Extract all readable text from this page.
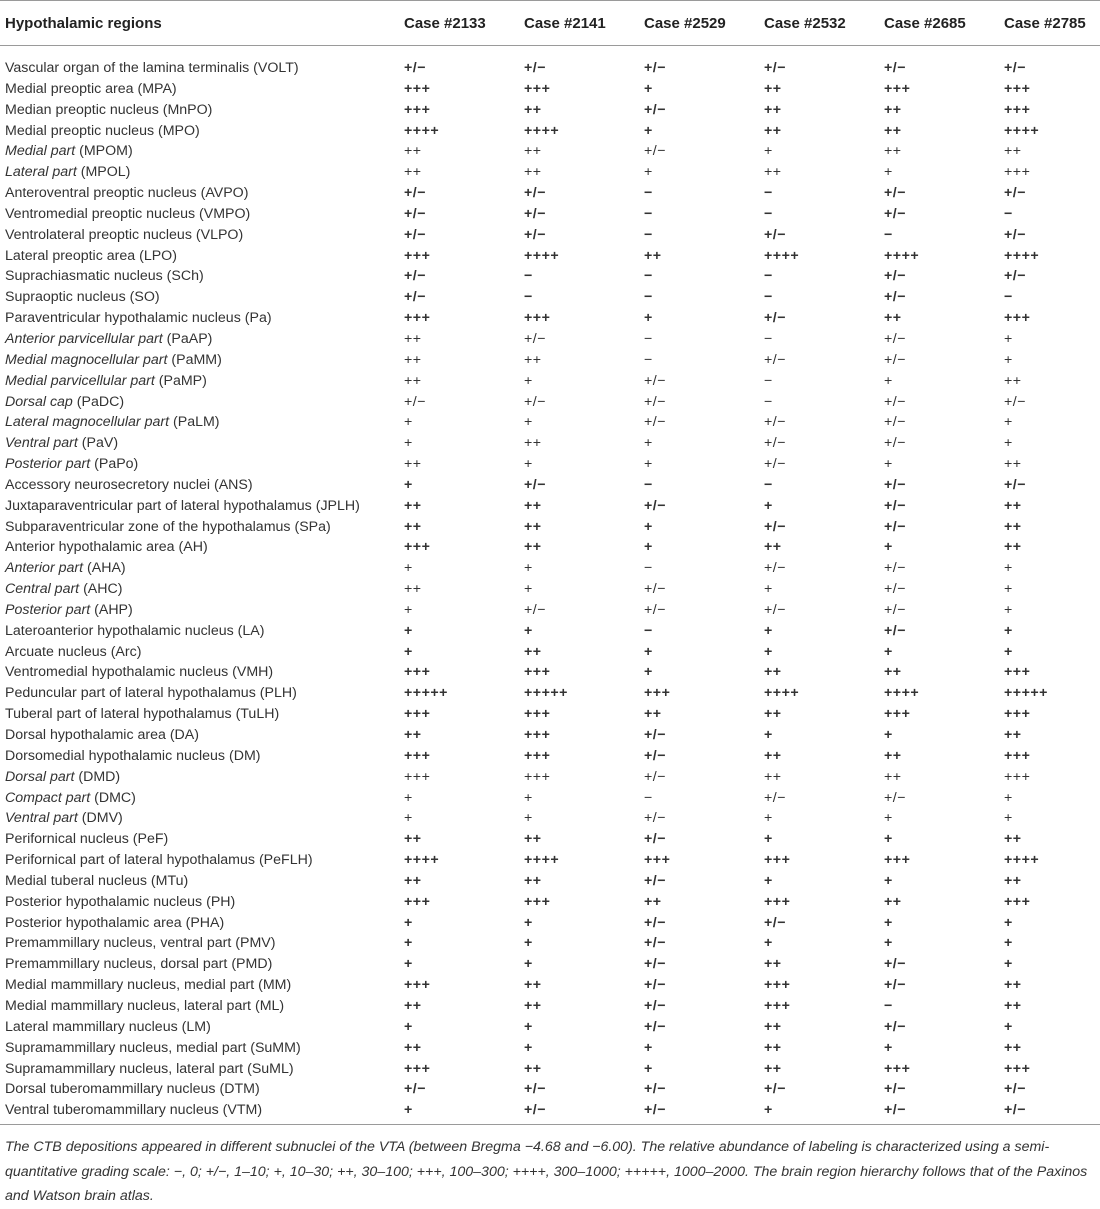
Hypothalamic regions	Case #2133	Case #2141	Case #2529	Case #2532	Case #2685	Case #2785
Vascular organ of the lamina terminalis (VOLT)	+/−	+/−	+/−	+/−	+/−	+/−
Medial preoptic area (MPA)	+++	+++	+	++	+++	+++
Median preoptic nucleus (MnPO)	+++	++	+/−	++	++	+++
Medial preoptic nucleus (MPO)	++++	++++	+	++	++	++++
Medial part (MPOM)	++	++	+/−	+	++	++
Lateral part (MPOL)	++	++	+	++	+	+++
Anteroventral preoptic nucleus (AVPO)	+/−	+/−	−	−	+/−	+/−
Ventromedial preoptic nucleus (VMPO)	+/−	+/−	−	−	+/−	−
Ventrolateral preoptic nucleus (VLPO)	+/−	+/−	−	+/−	−	+/−
Lateral preoptic area (LPO)	+++	++++	++	++++	++++	++++
Suprachiasmatic nucleus (SCh)	+/−	−	−	−	+/−	+/−
Supraoptic nucleus (SO)	+/−	−	−	−	+/−	−
Paraventricular hypothalamic nucleus (Pa)	+++	+++	+	+/−	++	+++
Anterior parvicellular part (PaAP)	++	+/−	−	−	+/−	+
Medial magnocellular part (PaMM)	++	++	−	+/−	+/−	+
Medial parvicellular part (PaMP)	++	+	+/−	−	+	++
Dorsal cap (PaDC)	+/−	+/−	+/−	−	+/−	+/−
Lateral magnocellular part (PaLM)	+	+	+/−	+/−	+/−	+
Ventral part (PaV)	+	++	+	+/−	+/−	+
Posterior part (PaPo)	++	+	+	+/−	+	++
Accessory neurosecretory nuclei (ANS)	+	+/−	−	−	+/−	+/−
Juxtaparaventricular part of lateral hypothalamus (JPLH)	++	++	+/−	+	+/−	++
Subparaventricular zone of the hypothalamus (SPa)	++	++	+	+/−	+/−	++
Anterior hypothalamic area (AH)	+++	++	+	++	+	++
Anterior part (AHA)	+	+	−	+/−	+/−	+
Central part (AHC)	++	+	+/−	+	+/−	+
Posterior part (AHP)	+	+/−	+/−	+/−	+/−	+
Lateroanterior hypothalamic nucleus (LA)	+	+	−	+	+/−	+
Arcuate nucleus (Arc)	+	++	+	+	+	+
Ventromedial hypothalamic nucleus (VMH)	+++	+++	+	++	++	+++
Peduncular part of lateral hypothalamus (PLH)	+++++	+++++	+++	++++	++++	+++++
Tuberal part of lateral hypothalamus (TuLH)	+++	+++	++	++	+++	+++
Dorsal hypothalamic area (DA)	++	+++	+/−	+	+	++
Dorsomedial hypothalamic nucleus (DM)	+++	+++	+/−	++	++	+++
Dorsal part (DMD)	+++	+++	+/−	++	++	+++
Compact part (DMC)	+	+	−	+/−	+/−	+
Ventral part (DMV)	+	+	+/−	+	+	+
Perifornical nucleus (PeF)	++	++	+/−	+	+	++
Perifornical part of lateral hypothalamus (PeFLH)	++++	++++	+++	+++	+++	++++
Medial tuberal nucleus (MTu)	++	++	+/−	+	+	++
Posterior hypothalamic nucleus (PH)	+++	+++	++	+++	++	+++
Posterior hypothalamic area (PHA)	+	+	+/−	+/−	+	+
Premammillary nucleus, ventral part (PMV)	+	+	+/−	+	+	+
Premammillary nucleus, dorsal part (PMD)	+	+	+/−	++	+/−	+
Medial mammillary nucleus, medial part (MM)	+++	++	+/−	+++	+/−	++
Medial mammillary nucleus, lateral part (ML)	++	++	+/−	+++	−	++
Lateral mammillary nucleus (LM)	+	+	+/−	++	+/−	+
Supramammillary nucleus, medial part (SuMM)	++	+	+	++	+	++
Supramammillary nucleus, lateral part (SuML)	+++	++	+	++	+++	+++
Dorsal tuberomammillary nucleus (DTM)	+/−	+/−	+/−	+/−	+/−	+/−
Ventral tuberomammillary nucleus (VTM)	+	+/−	+/−	+	+/−	+/−
The CTB depositions appeared in different subnuclei of the VTA (between Bregma −4.68 and −6.00). The relative abundance of labeling is characterized using a semi-quantitative grading scale: −, 0; +/−, 1–10; +, 10–30; ++, 30–100; +++, 100–300; ++++, 300–1000; +++++, 1000–2000. The brain region hierarchy follows that of the Paxinos and Watson brain atlas.
